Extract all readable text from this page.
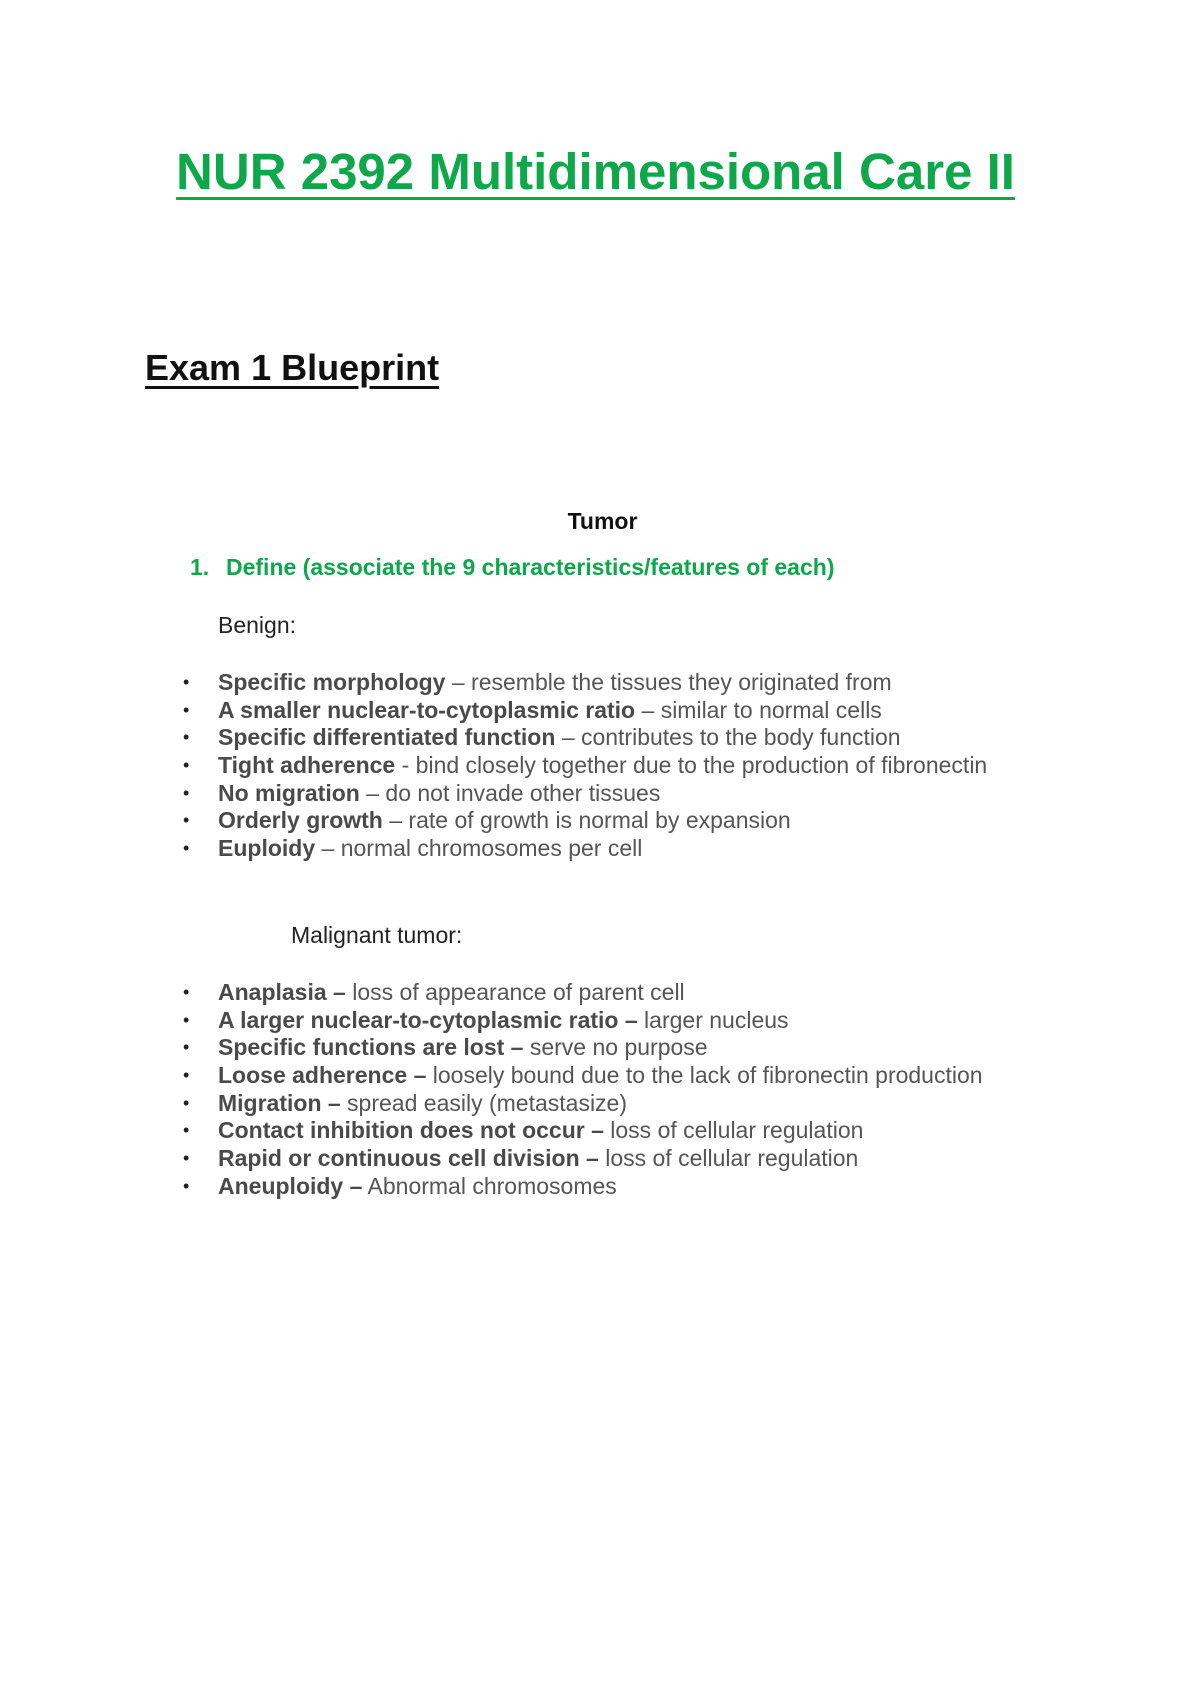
NUR 2392 Multidimensional Care II
Exam 1 Blueprint
Tumor

1. Define (associate the 9 characteristics/features of each)

Benign:

• Specific morphology – resemble the tissues they originated from
• A smaller nuclear-to-cytoplasmic ratio – similar to normal cells
• Specific differentiated function – contributes to the body function
• Tight adherence - bind closely together due to the production of fibronectin
• No migration – do not invade other tissues
• Orderly growth – rate of growth is normal by expansion
• Euploidy – normal chromosomes per cell

Malignant tumor:

• Anaplasia – loss of appearance of parent cell
• A larger nuclear-to-cytoplasmic ratio – larger nucleus
• Specific functions are lost – serve no purpose
• Loose adherence – loosely bound due to the lack of fibronectin production
• Migration – spread easily (metastasize)
• Contact inhibition does not occur – loss of cellular regulation
• Rapid or continuous cell division – loss of cellular regulation
• Aneuploidy – Abnormal chromosomes
